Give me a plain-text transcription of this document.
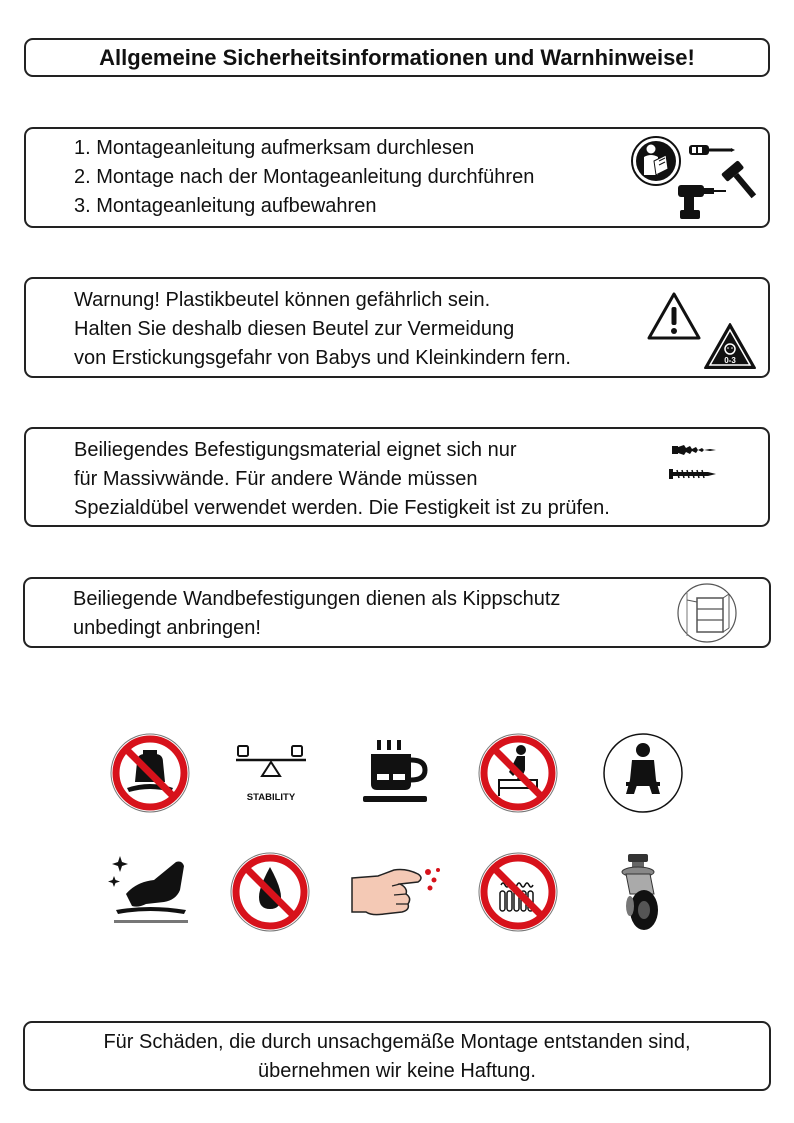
Allgemeine Sicherheitsinformationen und Warnhinweise!
1. Montageanleitung aufmerksam durchlesen
2. Montage nach der Montageanleitung durchführen
3. Montageanleitung aufbewahren
Warnung! Plastikbeutel können gefährlich sein.
Halten Sie deshalb diesen Beutel zur Vermeidung
von Erstickungsgefahr von Babys und Kleinkindern fern.	0-3
Beiliegendes Befestigungsmaterial eignet sich nur
für Massivwände. Für andere Wände müssen
Spezialdübel verwendet werden. Die Festigkeit ist zu prüfen.
Beiliegende Wandbefestigungen dienen als Kippschutz
unbedingt anbringen!
STABILITY
Für Schäden, die durch unsachgemäße Montage entstanden sind,
übernehmen wir keine Haftung.
